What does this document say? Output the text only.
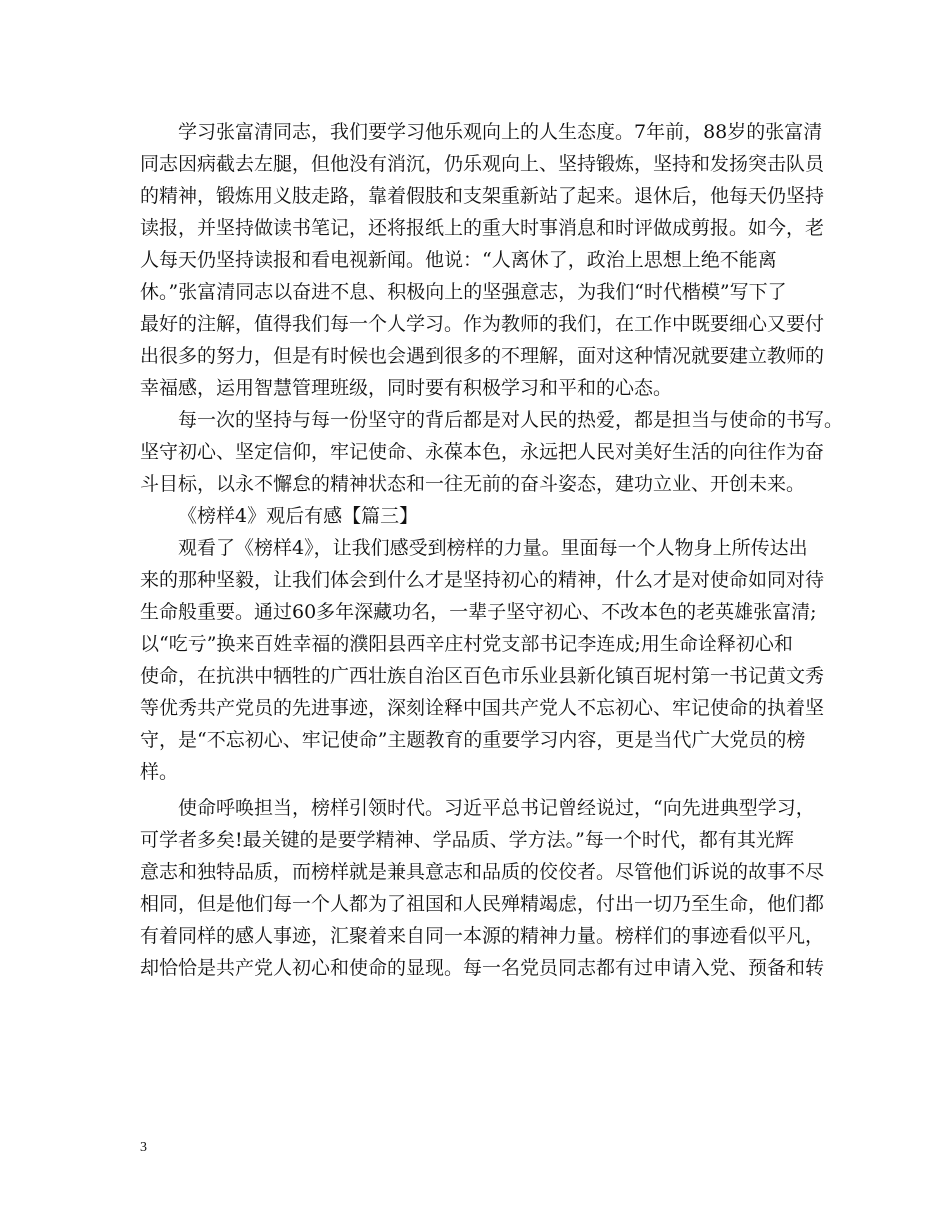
学习张富清同志，我们要学习他乐观向上的人生态度。7年前，88岁的张富清
同志因病截去左腿，但他没有消沉，仍乐观向上、坚持锻炼，坚持和发扬突击队员
的精神，锻炼用义肢走路，靠着假肢和支架重新站了起来。退休后，他每天仍坚持
读报，并坚持做读书笔记，还将报纸上的重大时事消息和时评做成剪报。如今，老
人每天仍坚持读报和看电视新闻。他说：“人离休了，政治上思想上绝不能离
休。”张富清同志以奋进不息、积极向上的坚强意志，为我们“时代楷模”写下了
最好的注解，值得我们每一个人学习。作为教师的我们，在工作中既要细心又要付
出很多的努力，但是有时候也会遇到很多的不理解，面对这种情况就要建立教师的
幸福感，运用智慧管理班级，同时要有积极学习和平和的心态。
每一次的坚持与每一份坚守的背后都是对人民的热爱，都是担当与使命的书写。
坚守初心、坚定信仰，牢记使命、永葆本色，永远把人民对美好生活的向往作为奋
斗目标，以永不懈怠的精神状态和一往无前的奋斗姿态，建功立业、开创未来。
《榜样4》观后有感【篇三】
观看了《榜样4》，让我们感受到榜样的力量。里面每一个人物身上所传达出
来的那种坚毅，让我们体会到什么才是坚持初心的精神，什么才是对使命如同对待
生命般重要。通过60多年深藏功名，一辈子坚守初心、不改本色的老英雄张富清;
以“吃亏”换来百姓幸福的濮阳县西辛庄村党支部书记李连成;用生命诠释初心和
使命，在抗洪中牺牲的广西壮族自治区百色市乐业县新化镇百坭村第一书记黄文秀
等优秀共产党员的先进事迹，深刻诠释中国共产党人不忘初心、牢记使命的执着坚
守，是“不忘初心、牢记使命”主题教育的重要学习内容，更是当代广大党员的榜
样。
使命呼唤担当，榜样引领时代。习近平总书记曾经说过，“向先进典型学习，
可学者多矣!最关键的是要学精神、学品质、学方法。”每一个时代，都有其光辉
意志和独特品质，而榜样就是兼具意志和品质的佼佼者。尽管他们诉说的故事不尽
相同，但是他们每一个人都为了祖国和人民殚精竭虑，付出一切乃至生命，他们都
有着同样的感人事迹，汇聚着来自同一本源的精神力量。榜样们的事迹看似平凡，
却恰恰是共产党人初心和使命的显现。每一名党员同志都有过申请入党、预备和转
3
